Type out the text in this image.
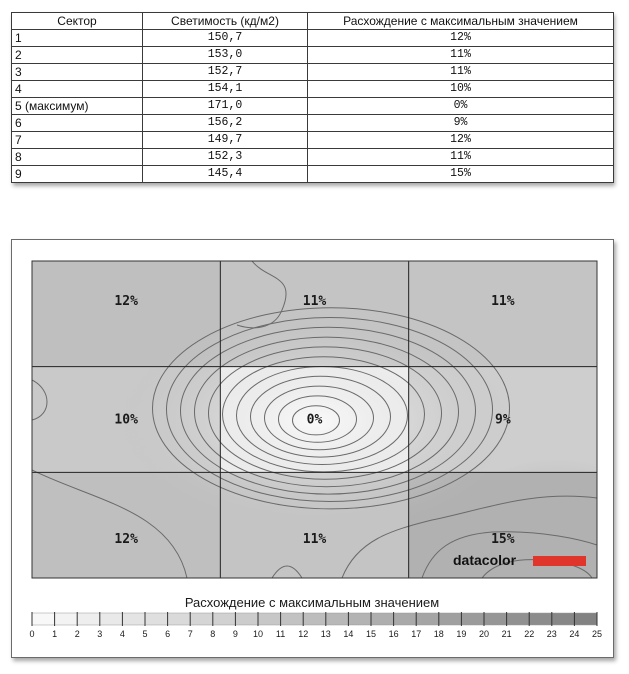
Сектор	Светимость (кд/м2)	Расхождение с максимальным значением
1	150,7	12%
2	153,0	11%
3	152,7	11%
4	154,1	10%
5 (максимум)	171,0	0%
6	156,2	9%
7	149,7	12%
8	152,3	11%
9	145,4	15%
12%	11%	11%
10%	0%	9%
12%	11%	15%
datacolor
Расхождение с максимальным значением
0 1 2 3 4 5 6 7 8 9 10 11 12 13 14 15 16 17 18 19 20 21 22 23 24 25
